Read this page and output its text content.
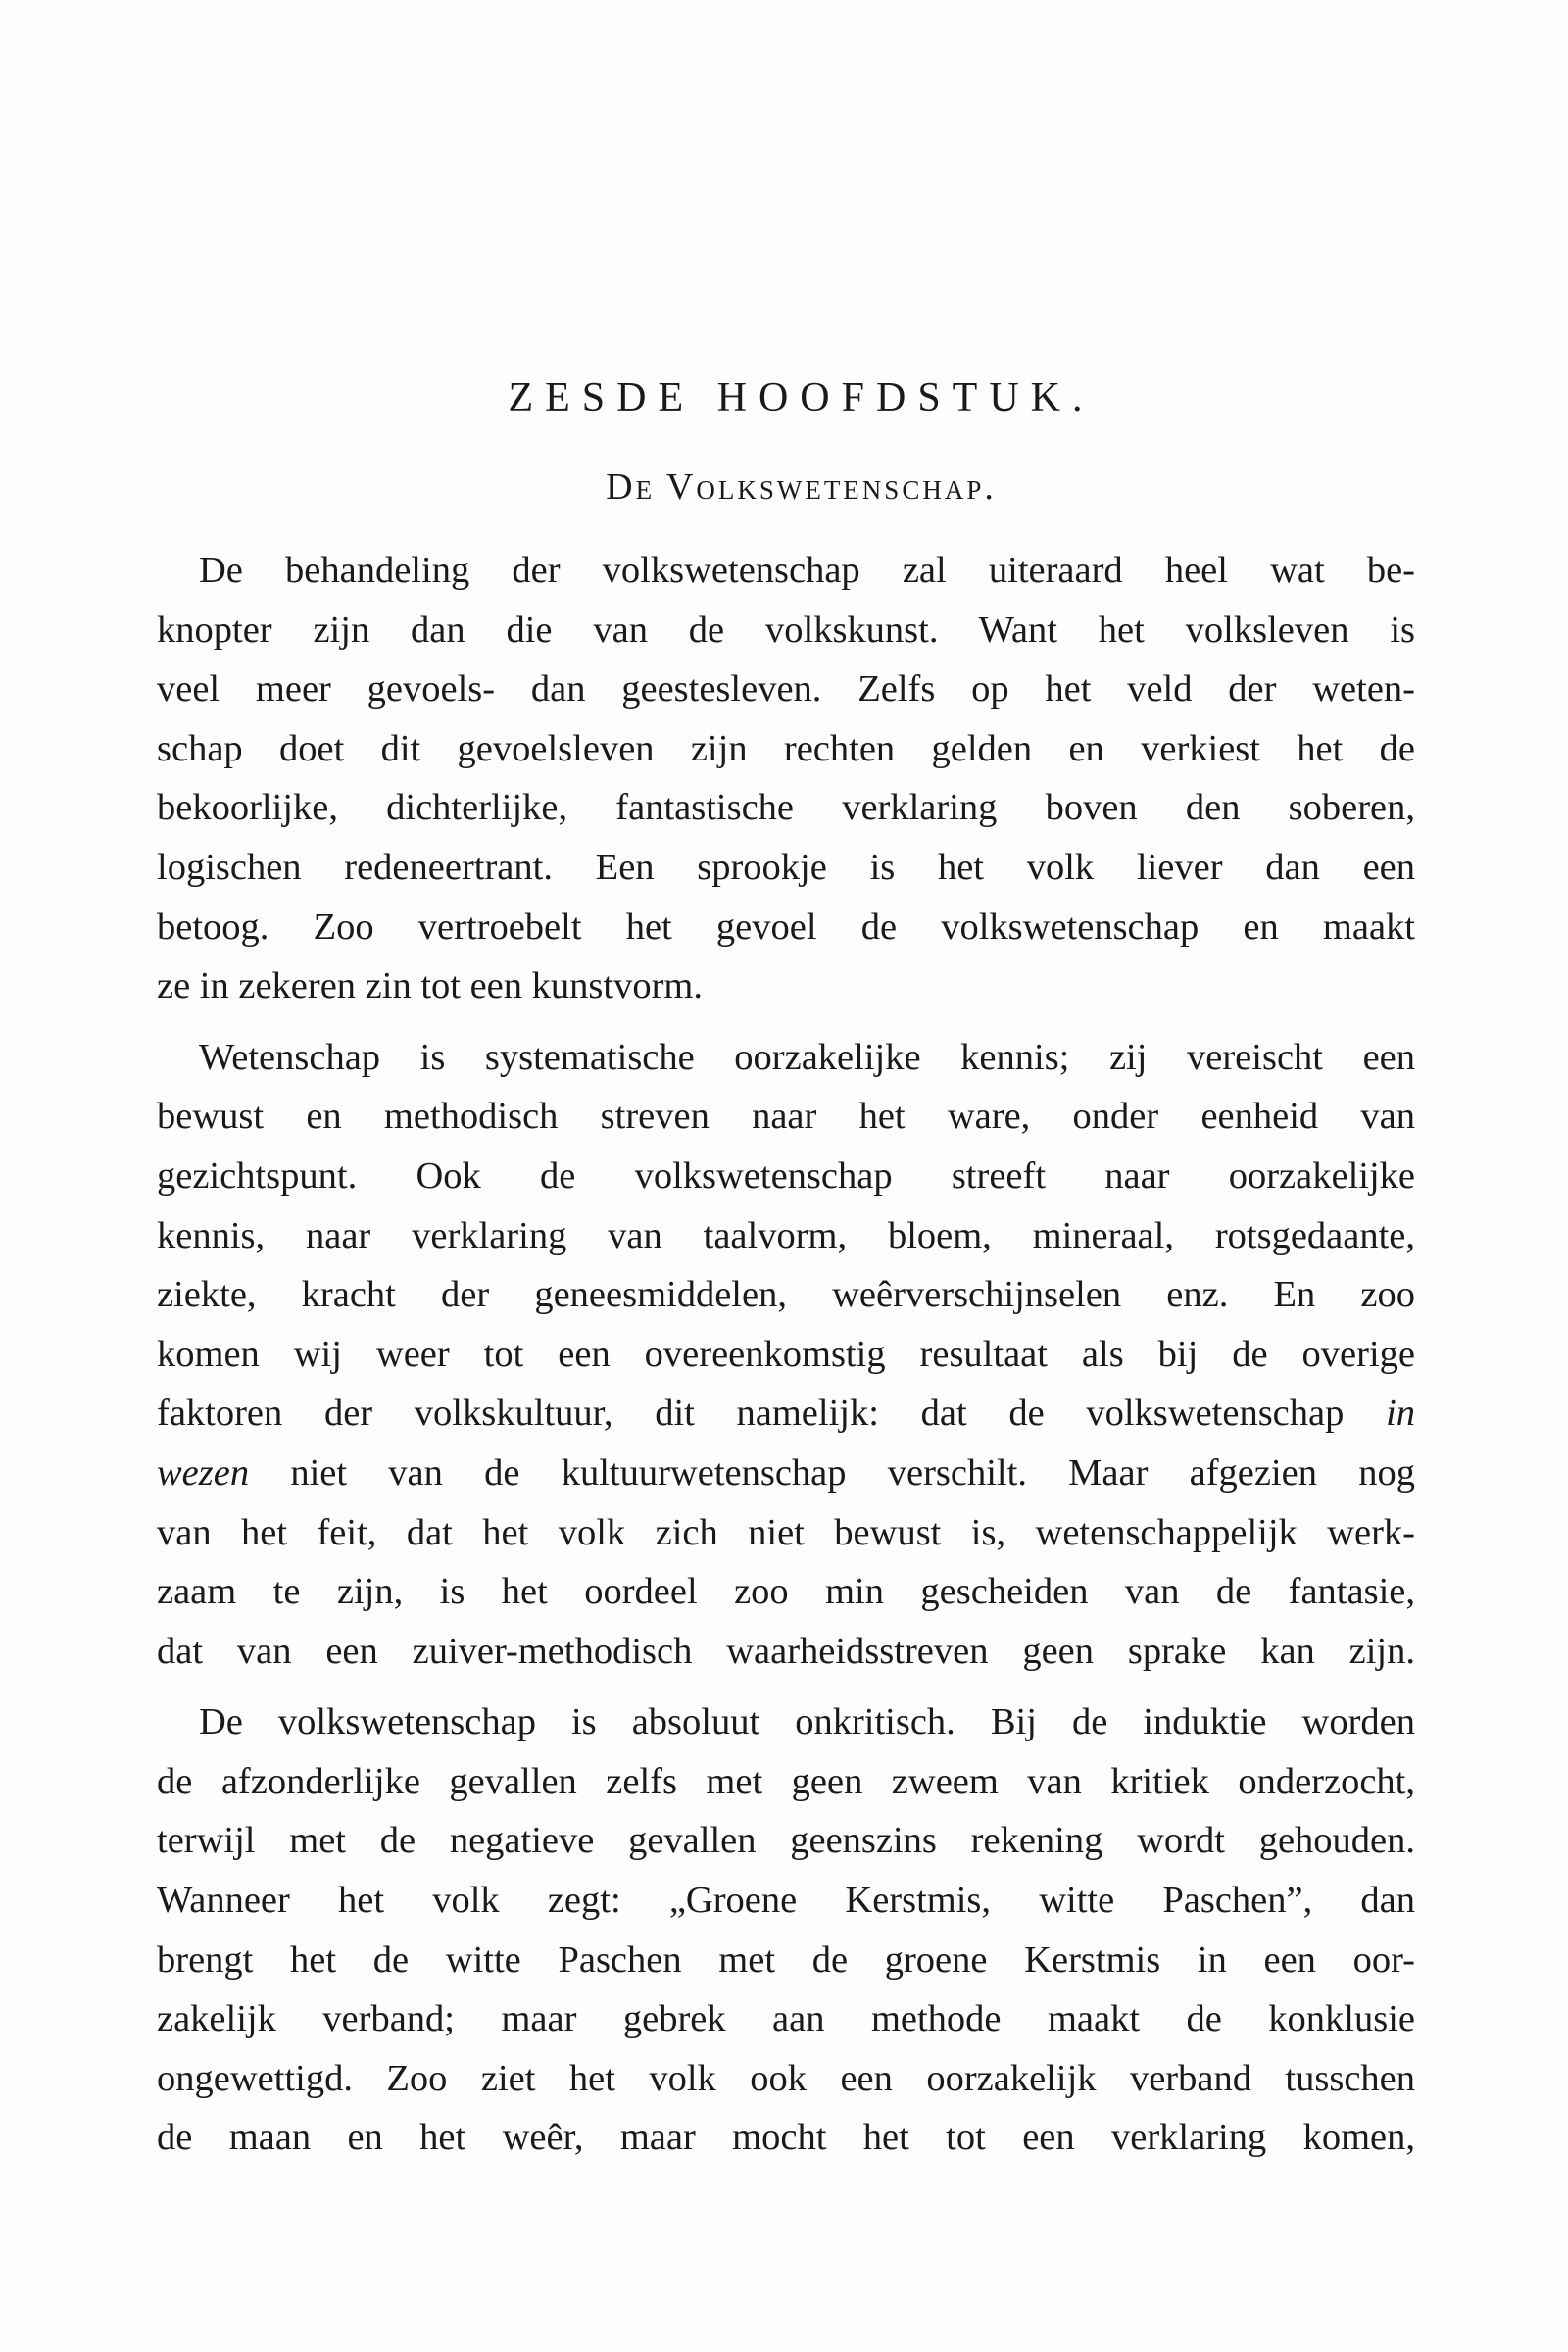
ZESDE HOOFDSTUK.
De Volkswetenschap.
De behandeling der volkswetenschap zal uiteraard heel wat be-
knopter zijn dan die van de volkskunst. Want het volksleven is
veel meer gevoels- dan geestesleven. Zelfs op het veld der weten-
schap doet dit gevoelsleven zijn rechten gelden en verkiest het de
bekoorlijke, dichterlijke, fantastische verklaring boven den soberen,
logischen redeneertrant. Een sprookje is het volk liever dan een
betoog. Zoo vertroebelt het gevoel de volkswetenschap en maakt
ze in zekeren zin tot een kunstvorm.
Wetenschap is systematische oorzakelijke kennis; zij vereischt een
bewust en methodisch streven naar het ware, onder eenheid van
gezichtspunt. Ook de volkswetenschap streeft naar oorzakelijke
kennis, naar verklaring van taalvorm, bloem, mineraal, rotsgedaante,
ziekte, kracht der geneesmiddelen, weêrverschijnselen enz. En zoo
komen wij weer tot een overeenkomstig resultaat als bij de overige
faktoren der volkskultuur, dit namelijk: dat de volkswetenschap in
wezen niet van de kultuurwetenschap verschilt. Maar afgezien nog
van het feit, dat het volk zich niet bewust is, wetenschappelijk werk-
zaam te zijn, is het oordeel zoo min gescheiden van de fantasie,
dat van een zuiver-methodisch waarheidsstreven geen sprake kan zijn.
De volkswetenschap is absoluut onkritisch. Bij de induktie worden
de afzonderlijke gevallen zelfs met geen zweem van kritiek onderzocht,
terwijl met de negatieve gevallen geenszins rekening wordt gehouden.
Wanneer het volk zegt: „Groene Kerstmis, witte Paschen”, dan
brengt het de witte Paschen met de groene Kerstmis in een oor-
zakelijk verband; maar gebrek aan methode maakt de konklusie
ongewettigd. Zoo ziet het volk ook een oorzakelijk verband tusschen
de maan en het weêr, maar mocht het tot een verklaring komen,
